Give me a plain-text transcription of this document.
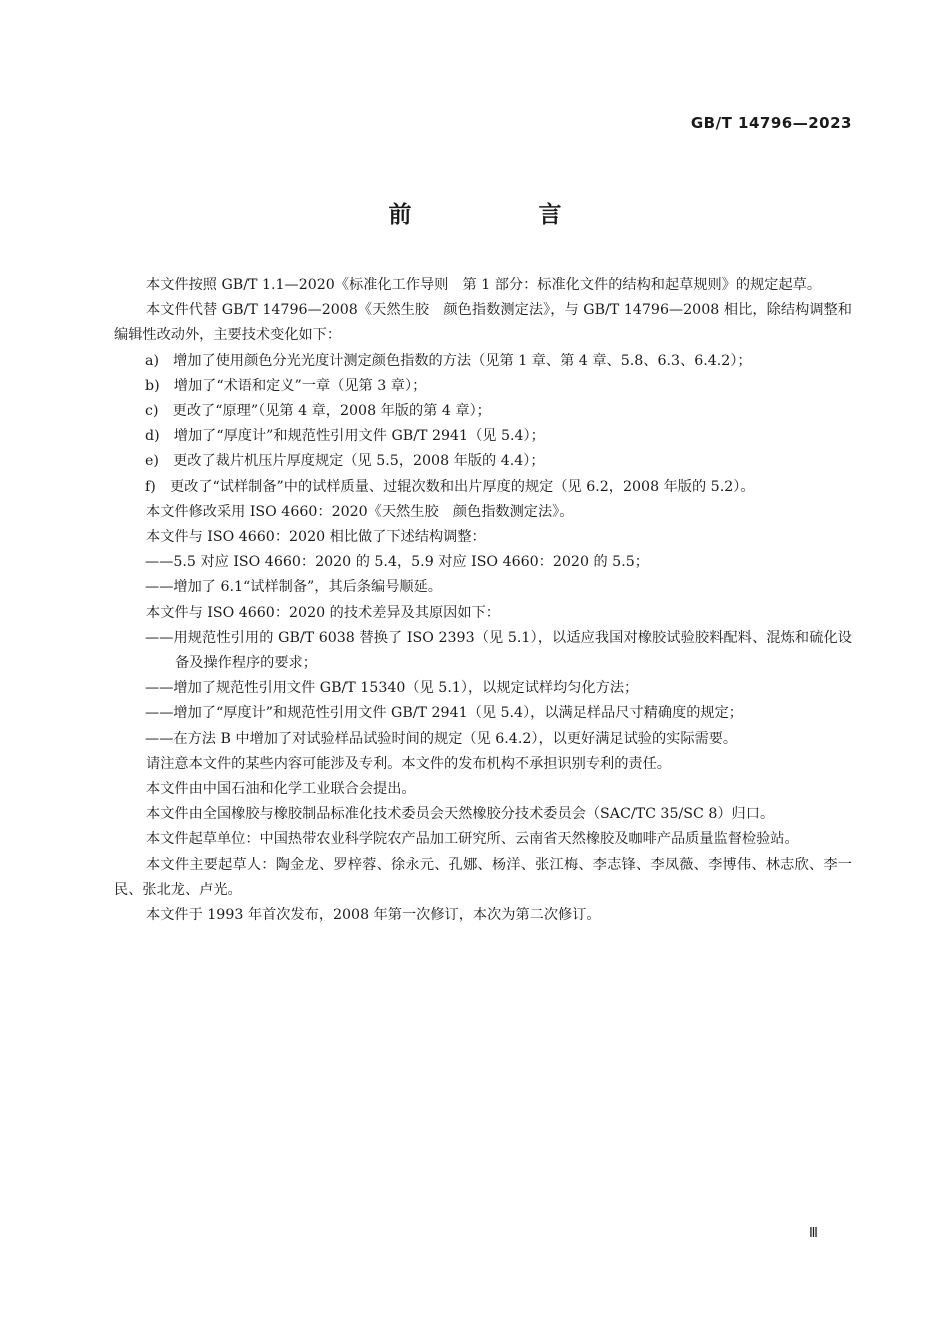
GB/T 14796—2023
前　言

本文件按照 GB/T 1.1—2020《标准化工作导则　第 1 部分：标准化文件的结构和起草规则》的规定起草。

本文件代替 GB/T 14796—2008《天然生胶　颜色指数测定法》，与 GB/T 14796—2008 相比，除结构调整和编辑性改动外，主要技术变化如下：

a)　增加了使用颜色分光光度计测定颜色指数的方法（见第 1 章、第 4 章、5.8、6.3、6.4.2）；

b)　增加了“术语和定义”一章（见第 3 章）；

c)　更改了“原理”（见第 4 章，2008 年版的第 4 章）；

d)　增加了“厚度计”和规范性引用文件 GB/T 2941（见 5.4）；

e)　更改了裁片机压片厚度规定（见 5.5，2008 年版的 4.4）；

f)　更改了“试样制备”中的试样质量、过辊次数和出片厚度的规定（见 6.2，2008 年版的 5.2）。

本文件修改采用 ISO 4660：2020《天然生胶　颜色指数测定法》。

本文件与 ISO 4660：2020 相比做了下述结构调整：

——5.5 对应 ISO 4660：2020 的 5.4，5.9 对应 ISO 4660：2020 的 5.5；

——增加了 6.1“试样制备”，其后条编号顺延。

本文件与 ISO 4660：2020 的技术差异及其原因如下：

——用规范性引用的 GB/T 6038 替换了 ISO 2393（见 5.1），以适应我国对橡胶试验胶料配料、混炼和硫化设备及操作程序的要求；

——增加了规范性引用文件 GB/T 15340（见 5.1），以规定试样均匀化方法；

——增加了“厚度计”和规范性引用文件 GB/T 2941（见 5.4），以满足样品尺寸精确度的规定；

——在方法 B 中增加了对试验样品试验时间的规定（见 6.4.2），以更好满足试验的实际需要。

请注意本文件的某些内容可能涉及专利。本文件的发布机构不承担识别专利的责任。

本文件由中国石油和化学工业联合会提出。

本文件由全国橡胶与橡胶制品标准化技术委员会天然橡胶分技术委员会（SAC/TC 35/SC 8）归口。

本文件起草单位：中国热带农业科学院农产品加工研究所、云南省天然橡胶及咖啡产品质量监督检验站。

本文件主要起草人：陶金龙、罗梓蓉、徐永元、孔娜、杨洋、张江梅、李志锋、李凤薇、李博伟、林志欣、李一民、张北龙、卢光。

本文件于 1993 年首次发布，2008 年第一次修订，本次为第二次修订。

Ⅲ
